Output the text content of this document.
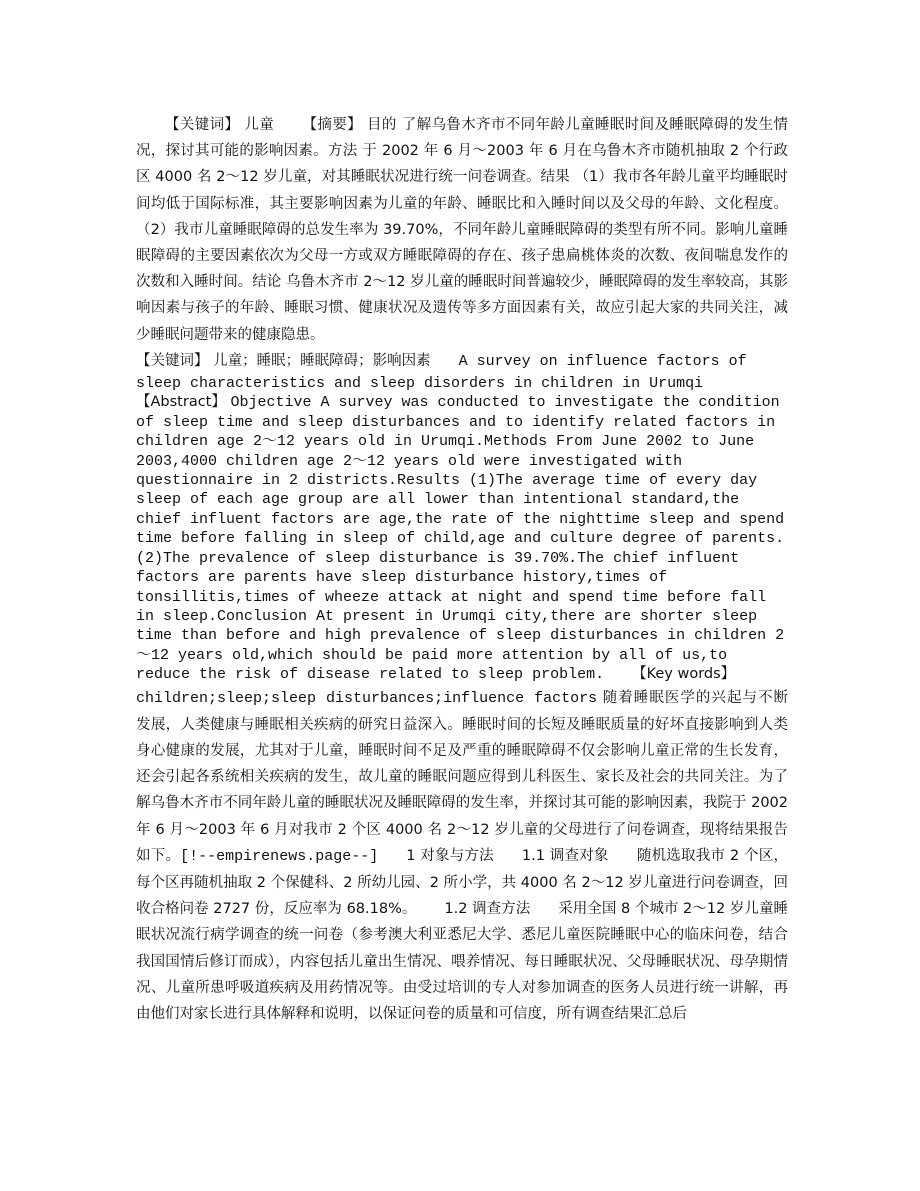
【关键词】 儿童 【摘要】 目的 了解乌鲁木齐市不同年龄儿童睡眠时间及睡眠障碍的发生情况，探讨其可能的影响因素。方法 于 2002 年 6 月～2003 年 6 月在乌鲁木齐市随机抽取 2 个行政区 4000 名 2～12 岁儿童，对其睡眠状况进行统一问卷调查。结果 （1）我市各年龄儿童平均睡眠时间均低于国际标准，其主要影响因素为儿童的年龄、睡眠比和入睡时间以及父母的年龄、文化程度。（2）我市儿童睡眠障碍的总发生率为 39.70%，不同年龄儿童睡眠障碍的类型有所不同。影响儿童睡眠障碍的主要因素依次为父母一方或双方睡眠障碍的存在、孩子患扁桃体炎的次数、夜间喘息发作的次数和入睡时间。结论 乌鲁木齐市 2～12 岁儿童的睡眠时间普遍较少，睡眠障碍的发生率较高，其影响因素与孩子的年龄、睡眠习惯、健康状况及遗传等多方面因素有关，故应引起大家的共同关注，减少睡眠问题带来的健康隐患。

【关键词】 儿童；睡眠；睡眠障碍；影响因素 A survey on influence factors of sleep characteristics and sleep disorders in children in Urumqi
【Abstract】 Objective A survey was conducted to investigate the condition of sleep time and sleep disturbances and to identify related factors in children age 2～12 years old in Urumqi.Methods From June 2002 to June 2003,4000 children age 2～12 years old were investigated with questionnaire in 2 districts.Results (1)The average time of every day sleep of each age group are all lower than intentional standard,the chief influent factors are age,the rate of the nighttime sleep and spend time before falling in sleep of child,age and culture degree of parents.(2)The prevalence of sleep disturbance is 39.70%.The chief influent factors are parents have sleep disturbance history,times of tonsillitis,times of wheeze attack at night and spend time before fall in sleep.Conclusion At present in Urumqi city,there are shorter sleep time than before and high prevalence of sleep disturbances in children 2～12 years old,which should be paid more attention by all of us,to reduce the risk of disease related to sleep problem. 【Key words】

children;sleep;sleep disturbances;influence factors 随着睡眠医学的兴起与不断发展，人类健康与睡眠相关疾病的研究日益深入。睡眠时间的长短及睡眠质量的好坏直接影响到人类身心健康的发展，尤其对于儿童，睡眠时间不足及严重的睡眠障碍不仅会影响儿童正常的生长发育，还会引起各系统相关疾病的发生，故儿童的睡眠问题应得到儿科医生、家长及社会的共同关注。为了解乌鲁木齐市不同年龄儿童的睡眠状况及睡眠障碍的发生率，并探讨其可能的影响因素，我院于 2002 年 6 月～2003 年 6 月对我市 2 个区 4000 名 2～12 岁儿童的父母进行了问卷调查，现将结果报告如下。[!--empirenews.page--] 1 对象与方法 1.1 调查对象 随机选取我市 2 个区，每个区再随机抽取 2 个保健科、2 所幼儿园、2 所小学，共 4000 名 2～12 岁儿童进行问卷调查，回收合格问卷 2727 份，反应率为 68.18%。 1.2 调查方法 采用全国 8 个城市 2～12 岁儿童睡眠状况流行病学调查的统一问卷（参考澳大利亚悉尼大学、悉尼儿童医院睡眠中心的临床问卷，结合我国国情后修订而成），内容包括儿童出生情况、喂养情况、每日睡眠状况、父母睡眠状况、母孕期情况、儿童所患呼吸道疾病及用药情况等。由受过培训的专人对参加调查的医务人员进行统一讲解，再由他们对家长进行具体解释和说明，以保证问卷的质量和可信度，所有调查结果汇总后
